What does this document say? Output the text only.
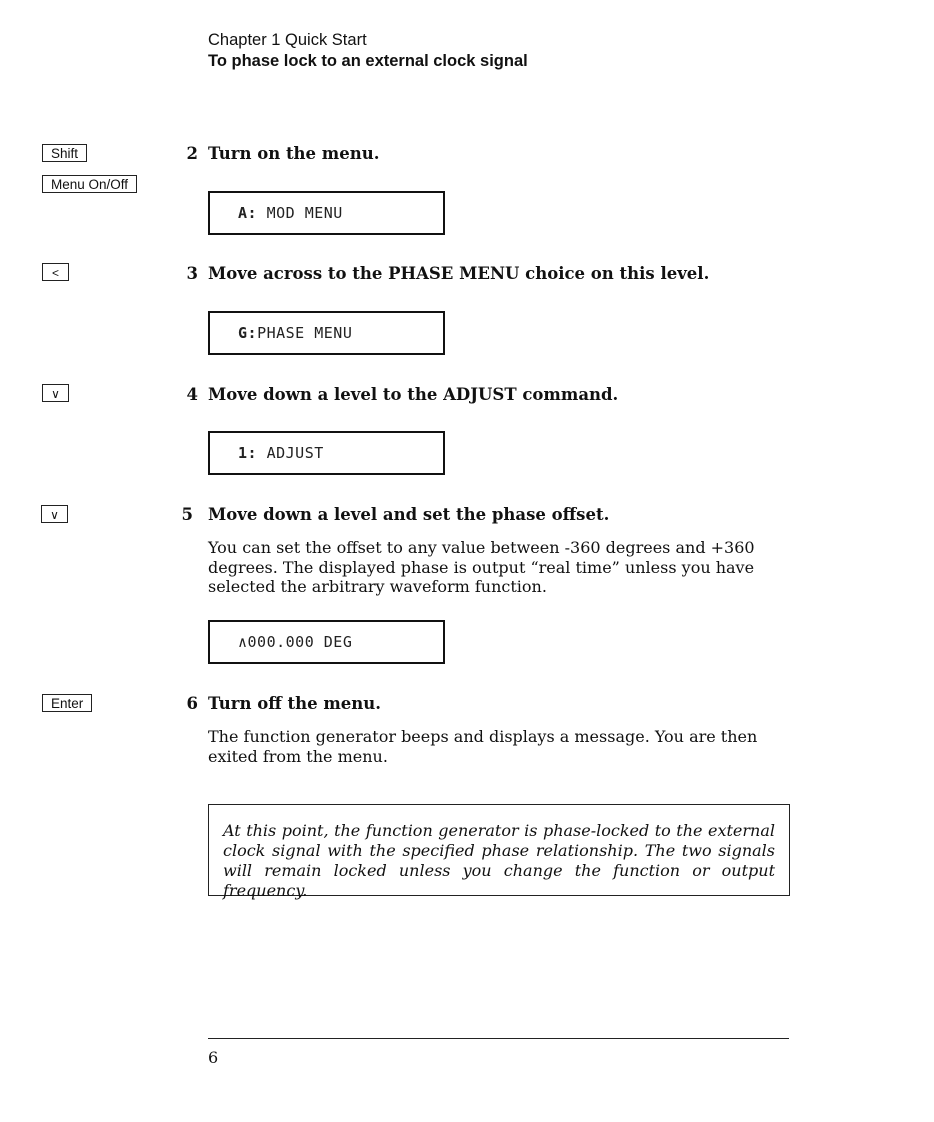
Chapter 1 Quick Start
To phase lock to an external clock signal
Shift
Menu On/Off
2 Turn on the menu.
A: MOD MENU
<	3 Move across to the PHASE MENU choice on this level.
G:PHASE MENU
∨	4 Move down a level to the ADJUST command.
1: ADJUST
∨	5 Move down a level and set the phase offset.
You can set the offset to any value between -360 degrees and +360 degrees. The displayed phase is output “real time” unless you have selected the arbitrary waveform function.
∧000.000 DEG
Enter	6 Turn off the menu.
The function generator beeps and displays a message. You are then exited from the menu.
At this point, the function generator is phase-locked to the external clock signal with the specified phase relationship. The two signals will remain locked unless you change the function or output frequency.
6
